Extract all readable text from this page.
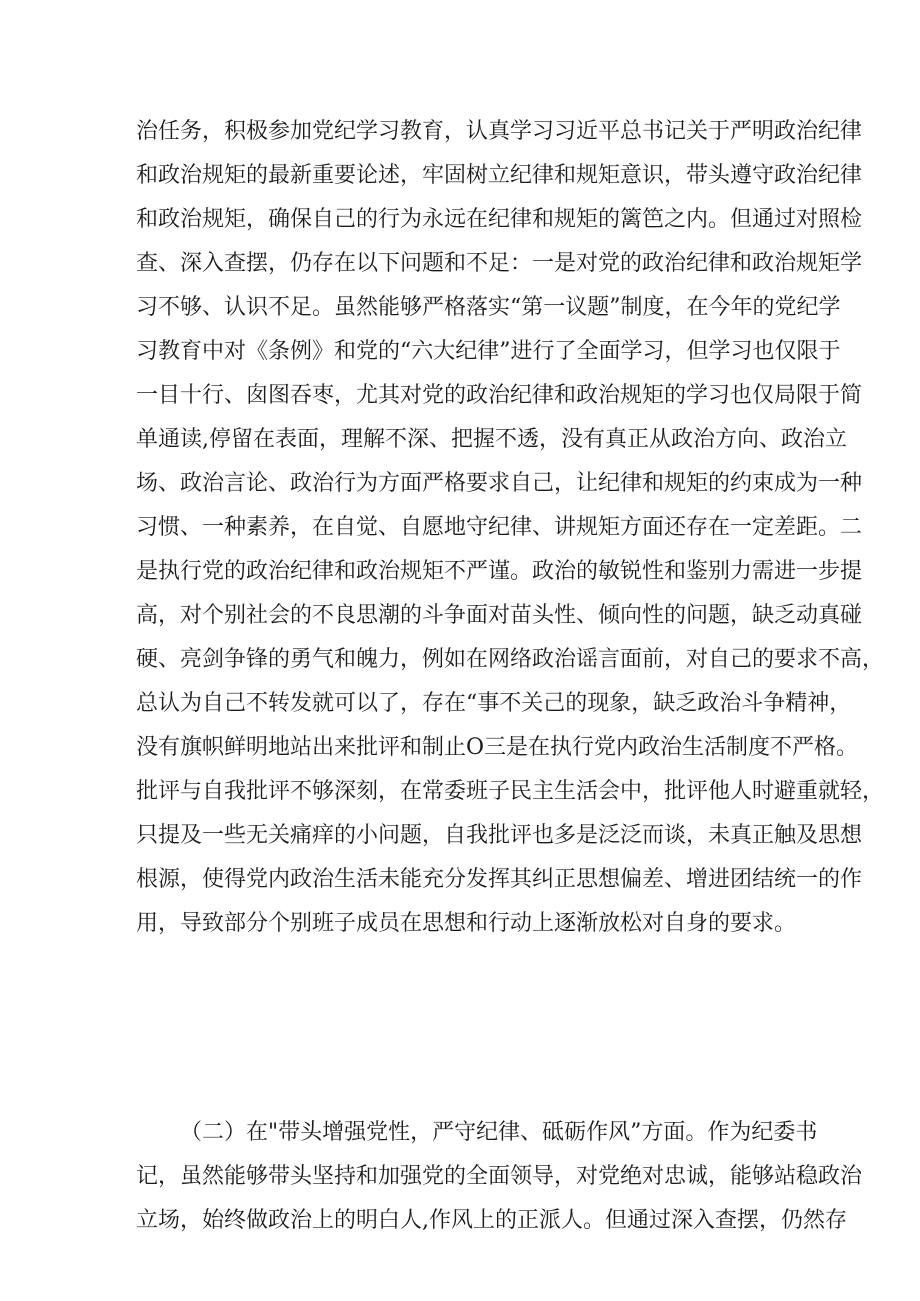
治任务，积极参加党纪学习教育，认真学习习近平总书记关于严明政治纪律
和政治规矩的最新重要论述，牢固树立纪律和规矩意识，带头遵守政治纪律
和政治规矩，确保自己的行为永远在纪律和规矩的篱笆之内。但通过对照检
查、深入查摆，仍存在以下问题和不足：一是对党的政治纪律和政治规矩学
习不够、认识不足。虽然能够严格落实“第一议题”制度，在今年的党纪学
习教育中对《条例》和党的“六大纪律”进行了全面学习，但学习也仅限于
一目十行、囱图吞枣，尤其对党的政治纪律和政治规矩的学习也仅局限于简
单通读,停留在表面，理解不深、把握不透，没有真正从政治方向、政治立
场、政治言论、政治行为方面严格要求自己，让纪律和规矩的约束成为一种
习惯、一种素养，在自觉、自愿地守纪律、讲规矩方面还存在一定差距。二
是执行党的政治纪律和政治规矩不严谨。政治的敏锐性和鉴别力需进一步提
高，对个别社会的不良思潮的斗争面对苗头性、倾向性的问题，缺乏动真碰
硬、亮剑争锋的勇气和魄力，例如在网络政治谣言面前，对自己的要求不高，
总认为自己不转发就可以了，存在“事不关己的现象，缺乏政治斗争精神，
没有旗帜鲜明地站出来批评和制止O三是在执行党内政治生活制度不严格。
批评与自我批评不够深刻，在常委班子民主生活会中，批评他人时避重就轻，
只提及一些无关痛痒的小问题，自我批评也多是泛泛而谈，未真正触及思想
根源，使得党内政治生活未能充分发挥其纠正思想偏差、增进团结统一的作
用，导致部分个别班子成员在思想和行动上逐渐放松对自身的要求。
（二）在"带头增强党性，严守纪律、砥砺作风”方面。作为纪委书
记，虽然能够带头坚持和加强党的全面领导，对党绝对忠诚，能够站稳政治
立场，始终做政治上的明白人,作风上的正派人。但通过深入查摆，仍然存
